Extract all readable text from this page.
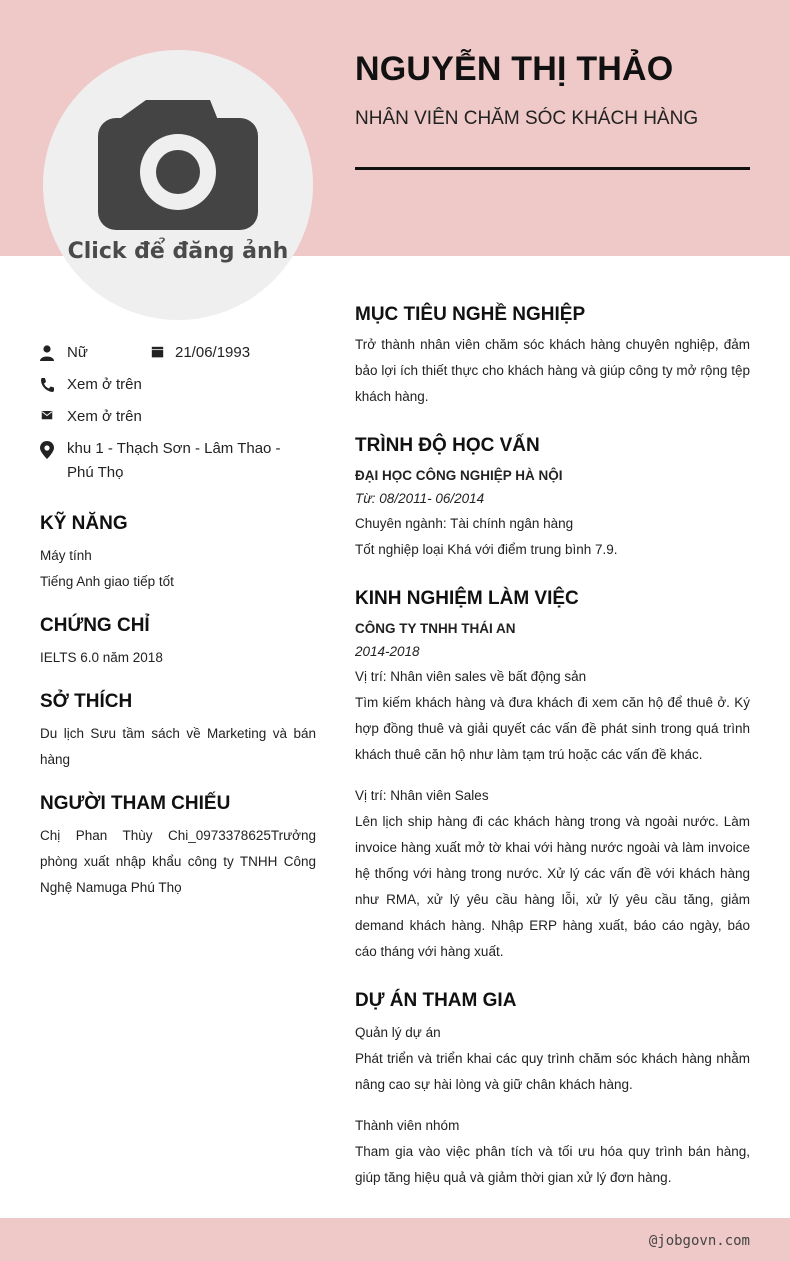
Click để đăng ảnh
NGUYỄN THỊ THẢO
NHÂN VIÊN CHĂM SÓC KHÁCH HÀNG
Nữ	21/06/1993
Xem ở trên
Xem ở trên
khu 1 - Thạch Sơn - Lâm Thao -
Phú Thọ
KỸ NĂNG
Máy tính
Tiếng Anh giao tiếp tốt
CHỨNG CHỈ
IELTS 6.0 năm 2018
SỞ THÍCH
Du lịch Sưu tầm sách về Marketing và bán hàng
NGƯỜI THAM CHIẾU
Chị Phan Thùy Chi_0973378625Trưởng phòng xuất nhập khẩu công ty TNHH Công Nghệ Namuga Phú Thọ
MỤC TIÊU NGHỀ NGHIỆP
Trở thành nhân viên chăm sóc khách hàng chuyên nghiệp, đảm bảo lợi ích thiết thực cho khách hàng và giúp công ty mở rộng tệp khách hàng.
TRÌNH ĐỘ HỌC VẤN
ĐẠI HỌC CÔNG NGHIỆP HÀ NỘI
Từ: 08/2011- 06/2014
Chuyên ngành: Tài chính ngân hàng
Tốt nghiệp loại Khá với điểm trung bình 7.9.
KINH NGHIỆM LÀM VIỆC
CÔNG TY TNHH THÁI AN
2014-2018
Vị trí: Nhân viên sales về bất động sản
Tìm kiếm khách hàng và đưa khách đi xem căn hộ để thuê ở. Ký hợp đồng thuê và giải quyết các vấn đề phát sinh trong quá trình khách thuê căn hộ như làm tạm trú hoặc các vấn đề khác.
Vị trí: Nhân viên Sales
Lên lịch ship hàng đi các khách hàng trong và ngoài nước. Làm invoice hàng xuất mở tờ khai với hàng nước ngoài và làm invoice hệ thống với hàng trong nước. Xử lý các vấn đề với khách hàng như RMA, xử lý yêu cầu hàng lỗi, xử lý yêu cầu tăng, giảm demand khách hàng. Nhập ERP hàng xuất, báo cáo ngày, báo cáo tháng với hàng xuất.
DỰ ÁN THAM GIA
Quản lý dự án
Phát triển và triển khai các quy trình chăm sóc khách hàng nhằm nâng cao sự hài lòng và giữ chân khách hàng.
Thành viên nhóm
Tham gia vào việc phân tích và tối ưu hóa quy trình bán hàng, giúp tăng hiệu quả và giảm thời gian xử lý đơn hàng.
@jobgovn.com
